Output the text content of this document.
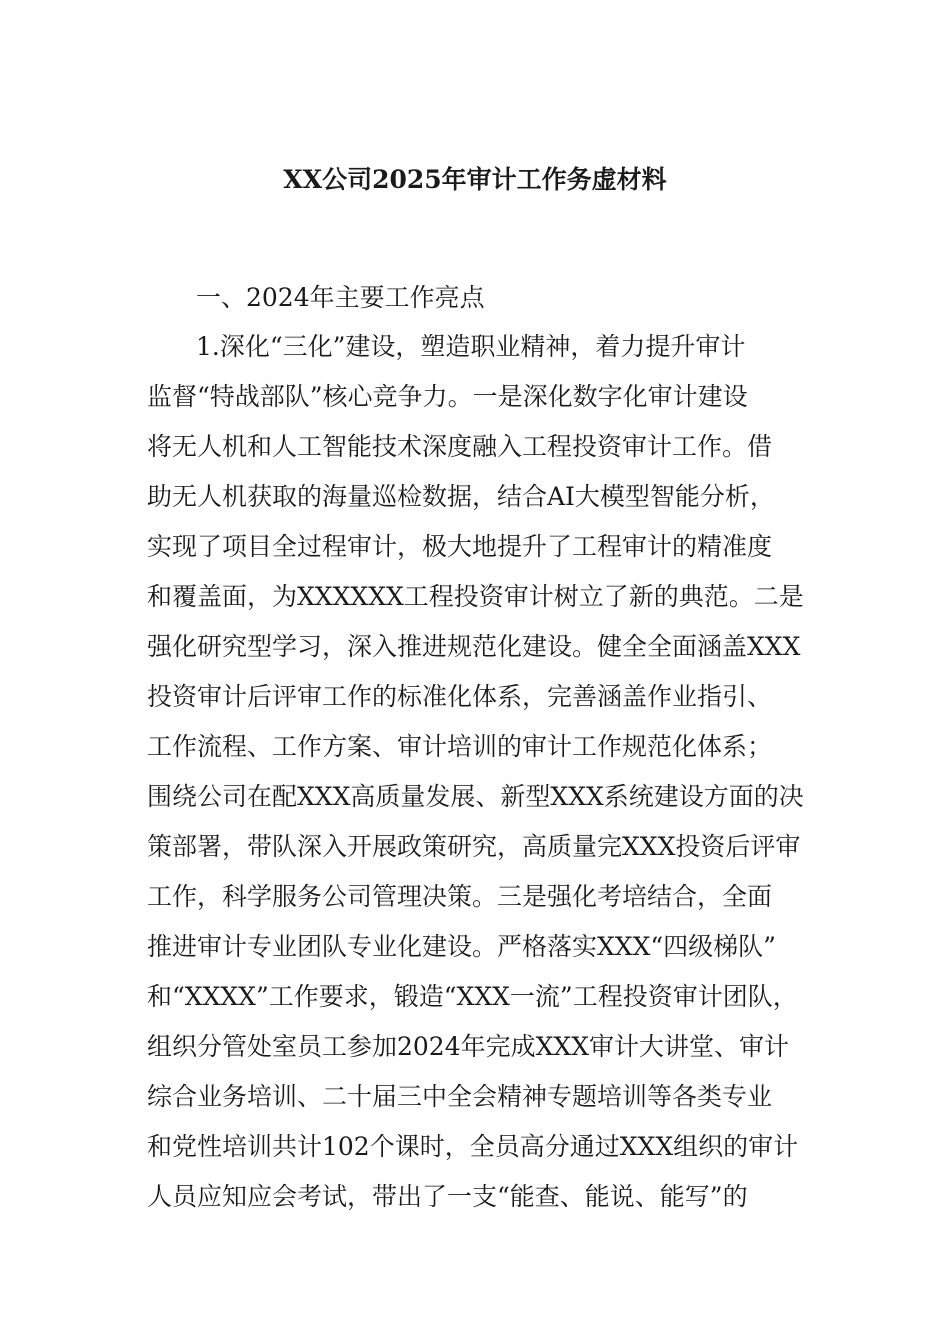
XX公司2025年审计工作务虚材料
一、2024年主要工作亮点
1.深化“三化”建设，塑造职业精神，着力提升审计
监督“特战部队”核心竞争力。一是深化数字化审计建设
将无人机和人工智能技术深度融入工程投资审计工作。借
助无人机获取的海量巡检数据，结合AI大模型智能分析，
实现了项目全过程审计，极大地提升了工程审计的精准度
和覆盖面，为XXXXXX工程投资审计树立了新的典范。二是
强化研究型学习，深入推进规范化建设。健全全面涵盖XXX
投资审计后评审工作的标准化体系，完善涵盖作业指引、
工作流程、工作方案、审计培训的审计工作规范化体系；
围绕公司在配XXX高质量发展、新型XXX系统建设方面的决
策部署，带队深入开展政策研究，高质量完XXX投资后评审
工作，科学服务公司管理决策。三是强化考培结合，全面
推进审计专业团队专业化建设。严格落实XXX“四级梯队”
和“XXXX”工作要求，锻造“XXX一流”工程投资审计团队，
组织分管处室员工参加2024年完成XXX审计大讲堂、审计
综合业务培训、二十届三中全会精神专题培训等各类专业
和党性培训共计102个课时，全员高分通过XXX组织的审计
人员应知应会考试，带出了一支“能查、能说、能写”的
